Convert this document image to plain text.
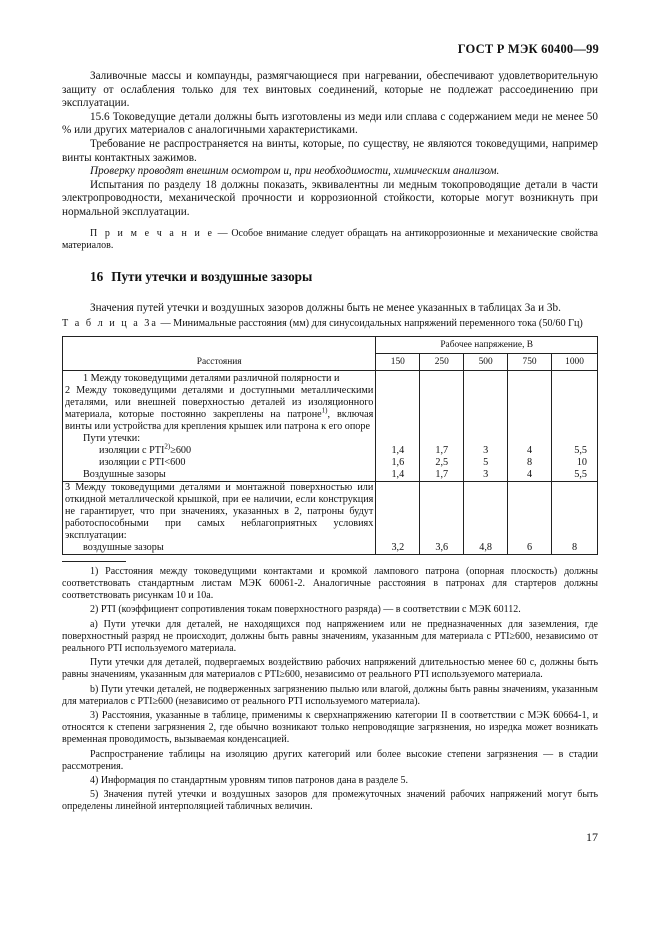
ГОСТ Р МЭК 60400—99

Заливочные массы и компаунды, размягчающиеся при нагревании, обеспечивают удовлетворительную защиту от ослабления только для тех винтовых соединений, которые не подлежат рассоединению при эксплуатации.

15.6 Токоведущие детали должны быть изготовлены из меди или сплава с содержанием меди не менее 50 % или других материалов с аналогичными характеристиками.

Требование не распространяется на винты, которые, по существу, не являются токоведущими, например винты контактных зажимов.

Проверку проводят внешним осмотром и, при необходимости, химическим анализом.

Испытания по разделу 18 должны показать, эквивалентны ли медным токопроводящие детали в части электропроводности, механической прочности и коррозионной стойкости, которые могут возникнуть при нормальной эксплуатации.

П р и м е ч а н и е — Особое внимание следует обращать на антикоррозионные и механические свойства материалов.

16 Пути утечки и воздушные зазоры

Значения путей утечки и воздушных зазоров должны быть не менее указанных в таблицах 3а и 3b.

Т а б л и ц а 3а — Минимальные расстояния (мм) для синусоидальных напряжений переменного тока (50/60 Гц)

Расстояния	Рабочее напряжение, В				
	150	250	500	750	1000
1 Между токоведущими деталями различной полярности и					
2 Между токоведущими деталями и доступными металлическими деталями, или внешней поверхностью деталей из изоляционного материала, которые постоянно закреплены на патроне$^{1)}$, включая винты или устройства для крепления крышек или патрона к его опоре					
Пути утечки:					
изоляции с $PTI^{2)}\ge 600$	1,4	1,7	3	4	5,5
изоляции с PTI<600	1,6	2,5	5	8	10
Воздушные зазоры	1,4	1,7	3	4	5,5
3 Между токоведущими деталями и монтажной поверхностью или откидной металлической крышкой, при ее наличии, если конструкция не гарантирует, что при значениях, указанных в 2, патроны будут работоспособными при самых неблагоприятных условиях эксплуатации:					
воздушные зазоры	3,2	3,6	4,8	6	8

1) Расстояния между токоведущими контактами и кромкой лампового патрона (опорная плоскость) должны соответствовать стандартным листам МЭК 60061-2. Аналогичные расстояния в патронах для стартеров должны соответствовать рисункам 10 и 10а.

2) PTI (коэффициент сопротивления токам поверхностного разряда) — в соответствии с МЭК 60112.

a) Пути утечки для деталей, не находящихся под напряжением или не предназначенных для заземления, где поверхностный разряд не происходит, должны быть равны значениям, указанным для материала с PTI≥600, независимо от реального PTI используемого материала.

Пути утечки для деталей, подвергаемых воздействию рабочих напряжений длительностью менее 60 с, должны быть равны значениям, указанным для материалов с PTI≥600, независимо от реального PTI используемого материала.

b) Пути утечки деталей, не подверженных загрязнению пылью или влагой, должны быть равны значениям, указанным для материалов с PTI≥600 (независимо от реального PTI используемого материала).

3) Расстояния, указанные в таблице, применимы к сверхнапряжению категории II в соответствии с МЭК 60664-1, и относятся к степени загрязнения 2, где обычно возникают только непроводящие загрязнения, но изредка может возникать временная проводимость, вызываемая конденсацией.

Распространение таблицы на изоляцию других категорий или более высокие степени загрязнения — в стадии рассмотрения.

4) Информация по стандартным уровням типов патронов дана в разделе 5.

5) Значения путей утечки и воздушных зазоров для промежуточных значений рабочих напряжений могут быть определены линейной интерполяцией табличных величин.

17
